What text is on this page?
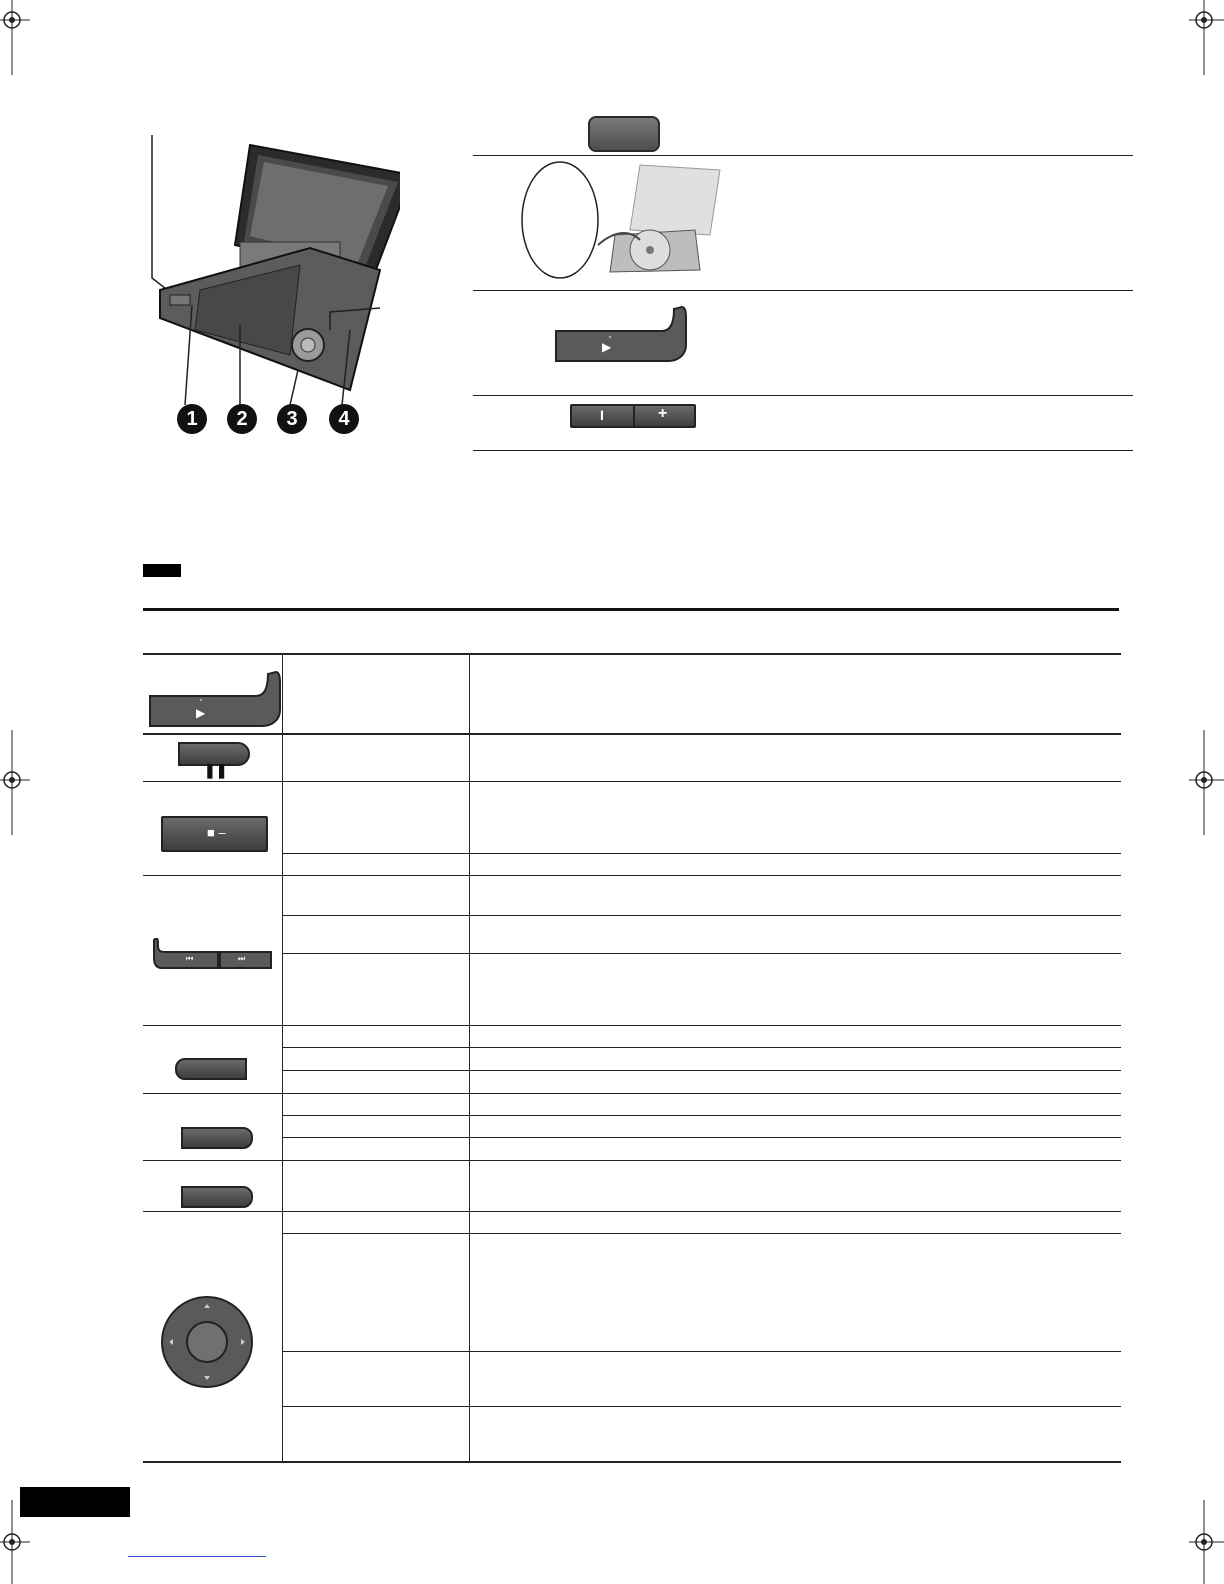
1	2	3	4
▶
I	+
▶
❚❚
■ –
⏮	⏭
